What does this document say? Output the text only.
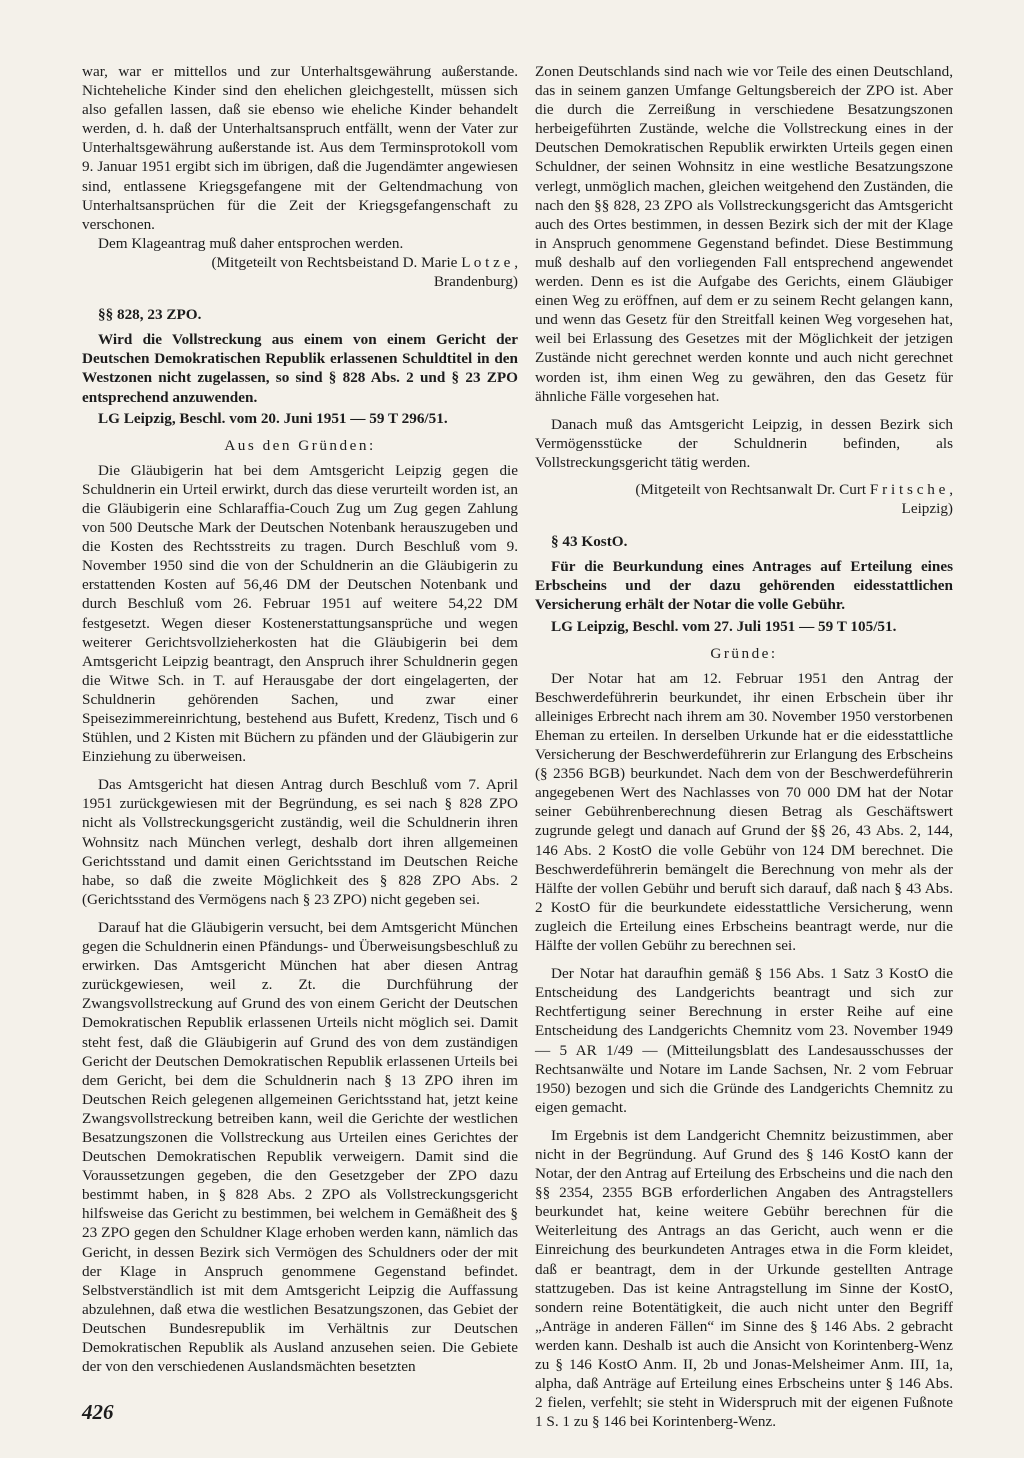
war, war er mittellos und zur Unterhaltsgewährung außerstande. Nichteheliche Kinder sind den ehelichen gleichgestellt, müssen sich also gefallen lassen, daß sie ebenso wie eheliche Kinder behandelt werden, d. h. daß der Unterhaltsanspruch entfällt, wenn der Vater zur Unterhaltsgewährung außerstande ist. Aus dem Terminsprotokoll vom 9. Januar 1951 ergibt sich im übrigen, daß die Jugendämter angewiesen sind, entlassene Kriegsgefangene mit der Geltendmachung von Unterhaltsansprüchen für die Zeit der Kriegsgefangenschaft zu verschonen.

Dem Klageantrag muß daher entsprochen werden.

(Mitgeteilt von Rechtsbeistand D. Marie L o t z e ,
Brandenburg)
§§ 828, 23 ZPO.

Wird die Vollstreckung aus einem von einem Gericht der Deutschen Demokratischen Republik erlassenen Schuldtitel in den Westzonen nicht zugelassen, so sind § 828 Abs. 2 und § 23 ZPO entsprechend anzuwenden.

LG Leipzig, Beschl. vom 20. Juni 1951 — 59 T 296/51.
Aus den Gründen:

Die Gläubigerin hat bei dem Amtsgericht Leipzig gegen die Schuldnerin ein Urteil erwirkt, durch das diese verurteilt worden ist, an die Gläubigerin eine Schlaraffia-Couch Zug um Zug gegen Zahlung von 500 Deutsche Mark der Deutschen Notenbank herauszugeben und die Kosten des Rechtsstreits zu tragen. Durch Beschluß vom 9. November 1950 sind die von der Schuldnerin an die Gläubigerin zu erstattenden Kosten auf 56,46 DM der Deutschen Notenbank und durch Beschluß vom 26. Februar 1951 auf weitere 54,22 DM festgesetzt. Wegen dieser Kostenerstattungsansprüche und wegen weiterer Gerichtsvollzieherkosten hat die Gläubigerin bei dem Amtsgericht Leipzig beantragt, den Anspruch ihrer Schuldnerin gegen die Witwe Sch. in T. auf Herausgabe der dort eingelagerten, der Schuldnerin gehörenden Sachen, und zwar einer Speisezimmereinrichtung, bestehend aus Bufett, Kredenz, Tisch und 6 Stühlen, und 2 Kisten mit Büchern zu pfänden und der Gläubigerin zur Einziehung zu überweisen.

Das Amtsgericht hat diesen Antrag durch Beschluß vom 7. April 1951 zurückgewiesen mit der Begründung, es sei nach § 828 ZPO nicht als Vollstreckungsgericht zuständig, weil die Schuldnerin ihren Wohnsitz nach München verlegt, deshalb dort ihren allgemeinen Gerichtsstand und damit einen Gerichtsstand im Deutschen Reiche habe, so daß die zweite Möglichkeit des § 828 ZPO Abs. 2 (Gerichtsstand des Vermögens nach § 23 ZPO) nicht gegeben sei.

Darauf hat die Gläubigerin versucht, bei dem Amtsgericht München gegen die Schuldnerin einen Pfändungs- und Überweisungsbeschluß zu erwirken. Das Amtsgericht München hat aber diesen Antrag zurückgewiesen, weil z. Zt. die Durchführung der Zwangsvollstreckung auf Grund des von einem Gericht der Deutschen Demokratischen Republik erlassenen Urteils nicht möglich sei. Damit steht fest, daß die Gläubigerin auf Grund des von dem zuständigen Gericht der Deutschen Demokratischen Republik erlassenen Urteils bei dem Gericht, bei dem die Schuldnerin nach § 13 ZPO ihren im Deutschen Reich gelegenen allgemeinen Gerichtsstand hat, jetzt keine Zwangsvollstreckung betreiben kann, weil die Gerichte der westlichen Besatzungszonen die Vollstreckung aus Urteilen eines Gerichtes der Deutschen Demokratischen Republik verweigern. Damit sind die Voraussetzungen gegeben, die den Gesetzgeber der ZPO dazu bestimmt haben, in § 828 Abs. 2 ZPO als Vollstreckungsgericht hilfsweise das Gericht zu bestimmen, bei welchem in Gemäßheit des § 23 ZPO gegen den Schuldner Klage erhoben werden kann, nämlich das Gericht, in dessen Bezirk sich Vermögen des Schuldners oder der mit der Klage in Anspruch genommene Gegenstand befindet. Selbstverständlich ist mit dem Amtsgericht Leipzig die Auffassung abzulehnen, daß etwa die westlichen Besatzungszonen, das Gebiet der Deutschen Bundesrepublik im Verhältnis zur Deutschen Demokratischen Republik als Ausland anzusehen seien. Die Gebiete der von den verschiedenen Auslandsmächten besetzten

Zonen Deutschlands sind nach wie vor Teile des einen Deutschland, das in seinem ganzen Umfange Geltungsbereich der ZPO ist. Aber die durch die Zerreißung in verschiedene Besatzungszonen herbeigeführten Zustände, welche die Vollstreckung eines in der Deutschen Demokratischen Republik erwirkten Urteils gegen einen Schuldner, der seinen Wohnsitz in eine westliche Besatzungszone verlegt, unmöglich machen, gleichen weitgehend den Zuständen, die nach den §§ 828, 23 ZPO als Vollstreckungsgericht das Amtsgericht auch des Ortes bestimmen, in dessen Bezirk sich der mit der Klage in Anspruch genommene Gegenstand befindet. Diese Bestimmung muß deshalb auf den vorliegenden Fall entsprechend angewendet werden. Denn es ist die Aufgabe des Gerichts, einem Gläubiger einen Weg zu eröffnen, auf dem er zu seinem Recht gelangen kann, und wenn das Gesetz für den Streitfall keinen Weg vorgesehen hat, weil bei Erlassung des Gesetzes mit der Möglichkeit der jetzigen Zustände nicht gerechnet werden konnte und auch nicht gerechnet worden ist, ihm einen Weg zu gewähren, den das Gesetz für ähnliche Fälle vorgesehen hat.

Danach muß das Amtsgericht Leipzig, in dessen Bezirk sich Vermögensstücke der Schuldnerin befinden, als Vollstreckungsgericht tätig werden.

(Mitgeteilt von Rechtsanwalt Dr. Curt F r i t s c h e ,
Leipzig)
§ 43 KostO.

Für die Beurkundung eines Antrages auf Erteilung eines Erbscheins und der dazu gehörenden eidesstattlichen Versicherung erhält der Notar die volle Gebühr.

LG Leipzig, Beschl. vom 27. Juli 1951 — 59 T 105/51.
Gründe:

Der Notar hat am 12. Februar 1951 den Antrag der Beschwerdeführerin beurkundet, ihr einen Erbschein über ihr alleiniges Erbrecht nach ihrem am 30. November 1950 verstorbenen Eheman zu erteilen. In derselben Urkunde hat er die eidesstattliche Versicherung der Beschwerdeführerin zur Erlangung des Erbscheins (§ 2356 BGB) beurkundet. Nach dem von der Beschwerdeführerin angegebenen Wert des Nachlasses von 70 000 DM hat der Notar seiner Gebührenberechnung diesen Betrag als Geschäftswert zugrunde gelegt und danach auf Grund der §§ 26, 43 Abs. 2, 144, 146 Abs. 2 KostO die volle Gebühr von 124 DM berechnet. Die Beschwerdeführerin bemängelt die Berechnung von mehr als der Hälfte der vollen Gebühr und beruft sich darauf, daß nach § 43 Abs. 2 KostO für die beurkundete eidesstattliche Versicherung, wenn zugleich die Erteilung eines Erbscheins beantragt werde, nur die Hälfte der vollen Gebühr zu berechnen sei.

Der Notar hat daraufhin gemäß § 156 Abs. 1 Satz 3 KostO die Entscheidung des Landgerichts beantragt und sich zur Rechtfertigung seiner Berechnung in erster Reihe auf eine Entscheidung des Landgerichts Chemnitz vom 23. November 1949 — 5 AR 1/49 — (Mitteilungsblatt des Landesausschusses der Rechtsanwälte und Notare im Lande Sachsen, Nr. 2 vom Februar 1950) bezogen und sich die Gründe des Landgerichts Chemnitz zu eigen gemacht.

Im Ergebnis ist dem Landgericht Chemnitz beizustimmen, aber nicht in der Begründung. Auf Grund des § 146 KostO kann der Notar, der den Antrag auf Erteilung des Erbscheins und die nach den §§ 2354, 2355 BGB erforderlichen Angaben des Antragstellers beurkundet hat, keine weitere Gebühr berechnen für die Weiterleitung des Antrags an das Gericht, auch wenn er die Einreichung des beurkundeten Antrages etwa in die Form kleidet, daß er beantragt, dem in der Urkunde gestellten Antrage stattzugeben. Das ist keine Antragstellung im Sinne der KostO, sondern reine Botentätigkeit, die auch nicht unter den Begriff „Anträge in anderen Fällen“ im Sinne des § 146 Abs. 2 gebracht werden kann. Deshalb ist auch die Ansicht von Korintenberg-Wenz zu § 146 KostO Anm. II, 2b und Jonas-Melsheimer Anm. III, 1a, alpha, daß Anträge auf Erteilung eines Erbscheins unter § 146 Abs. 2 fielen, verfehlt; sie steht in Widerspruch mit der eigenen Fußnote 1 S. 1 zu § 146 bei Korintenberg-Wenz.

426
